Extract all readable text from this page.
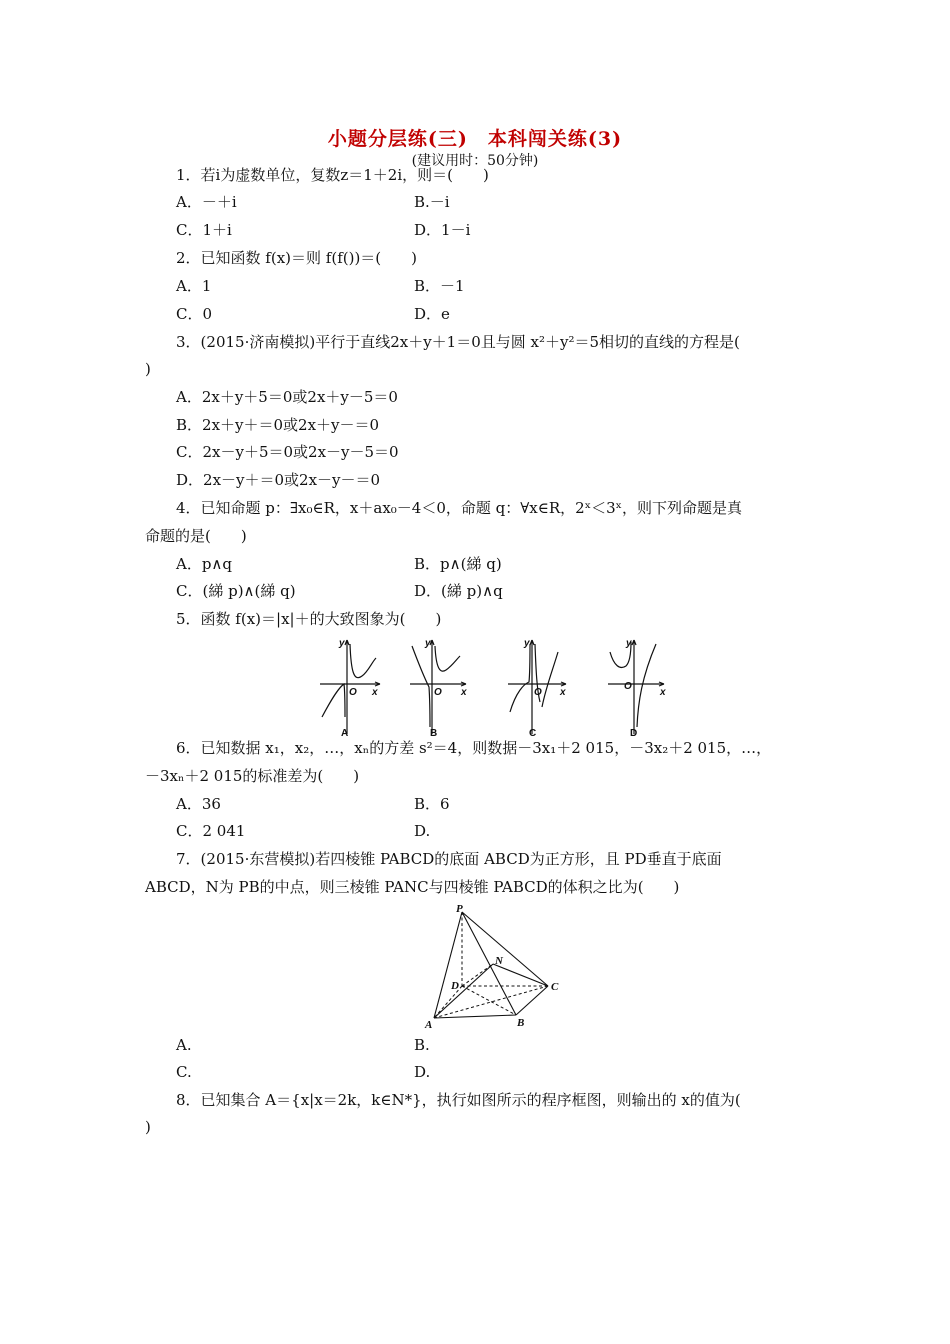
小题分层练(三)　本科闯关练(3)
(建议用时：50分钟)
1．若i为虚数单位，复数z＝1＋2i，则＝(　　)
A．－＋i	B.－i
C．1＋i	D．1－i
2．已知函数 f(x)＝则 f(f())＝(　　)
A．1	B．－1
C．0	D．e
3．(2015·济南模拟)平行于直线2x＋y＋1＝0且与圆 x²＋y²＝5相切的直线的方程是(
)
A．2x＋y＋5＝0或2x＋y－5＝0
B．2x＋y＋＝0或2x＋y－＝0
C．2x－y＋5＝0或2x－y－5＝0
D．2x－y＋＝0或2x－y－＝0
4．已知命题 p：∃x₀∈R，x＋ax₀－4＜0，命题 q：∀x∈R，2ˣ＜3ˣ，则下列命题是真
命题的是(　　)
A．p∧q	B．p∧(綈 q)
C．(綈 p)∧(綈 q)	D．(綈 p)∧q
5．函数 f(x)＝|x|＋的大致图象为(　　)
y
x
O
A
y
x
O
B
y
x
O
C
y
x
O
D
6．已知数据 x₁，x₂，…，xₙ的方差 s²＝4，则数据－3x₁＋2 015，－3x₂＋2 015，…，
－3xₙ＋2 015的标准差为(　　)
A．36	B．6
C．2 041	D.
7．(2015·东营模拟)若四棱锥 PABCD的底面 ABCD为正方形，且 PD垂直于底面
ABCD，N为 PB的中点，则三棱锥 PANC与四棱锥 PABCD的体积之比为(　　)
P
N
D	C
A	B
A.	B.
C.	D.
8．已知集合 A＝{x|x＝2k，k∈N*}，执行如图所示的程序框图，则输出的 x的值为(
)
